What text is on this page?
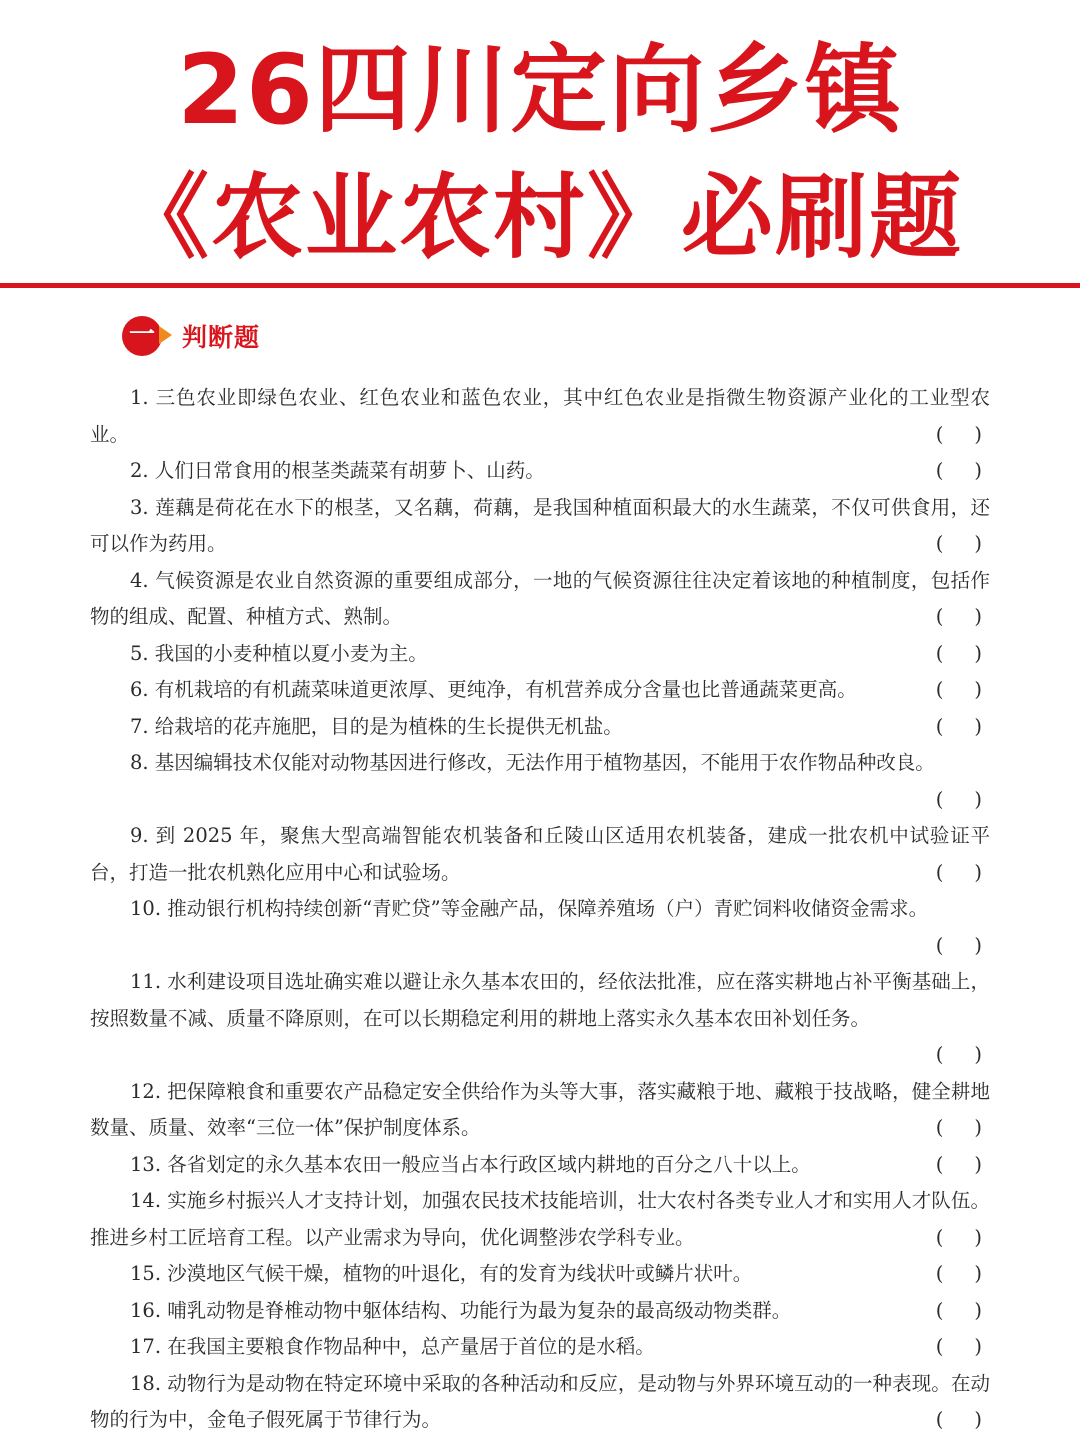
26四川定向乡镇
《农业农村》必刷题
一 判断题
1. 三色农业即绿色农业、红色农业和蓝色农业，其中红色农业是指微生物资源产业化的工业型农业。	(     )
2. 人们日常食用的根茎类蔬菜有胡萝卜、山药。	(     )
3. 莲藕是荷花在水下的根茎，又名藕，荷藕，是我国种植面积最大的水生蔬菜，不仅可供食用，还可以作为药用。	(     )
4. 气候资源是农业自然资源的重要组成部分，一地的气候资源往往决定着该地的种植制度，包括作物的组成、配置、种植方式、熟制。	(     )
5. 我国的小麦种植以夏小麦为主。	(     )
6. 有机栽培的有机蔬菜味道更浓厚、更纯净，有机营养成分含量也比普通蔬菜更高。	(     )
7. 给栽培的花卉施肥，目的是为植株的生长提供无机盐。	(     )
8. 基因编辑技术仅能对动物基因进行修改，无法作用于植物基因，不能用于农作物品种改良。
(     )
9. 到 2025 年，聚焦大型高端智能农机装备和丘陵山区适用农机装备，建成一批农机中试验证平台，打造一批农机熟化应用中心和试验场。	(     )
10. 推动银行机构持续创新“青贮贷”等金融产品，保障养殖场（户）青贮饲料收储资金需求。
(     )
11. 水利建设项目选址确实难以避让永久基本农田的，经依法批准，应在落实耕地占补平衡基础上，按照数量不减、质量不降原则，在可以长期稳定利用的耕地上落实永久基本农田补划任务。
(     )
12. 把保障粮食和重要农产品稳定安全供给作为头等大事，落实藏粮于地、藏粮于技战略，健全耕地数量、质量、效率“三位一体”保护制度体系。	(     )
13. 各省划定的永久基本农田一般应当占本行政区域内耕地的百分之八十以上。	(     )
14. 实施乡村振兴人才支持计划，加强农民技术技能培训，壮大农村各类专业人才和实用人才队伍。推进乡村工匠培育工程。以产业需求为导向，优化调整涉农学科专业。	(     )
15. 沙漠地区气候干燥，植物的叶退化，有的发育为线状叶或鳞片状叶。	(     )
16. 哺乳动物是脊椎动物中躯体结构、功能行为最为复杂的最高级动物类群。	(     )
17. 在我国主要粮食作物品种中，总产量居于首位的是水稻。	(     )
18. 动物行为是动物在特定环境中采取的各种活动和反应，是动物与外界环境互动的一种表现。在动物的行为中，金龟子假死属于节律行为。	(     )
